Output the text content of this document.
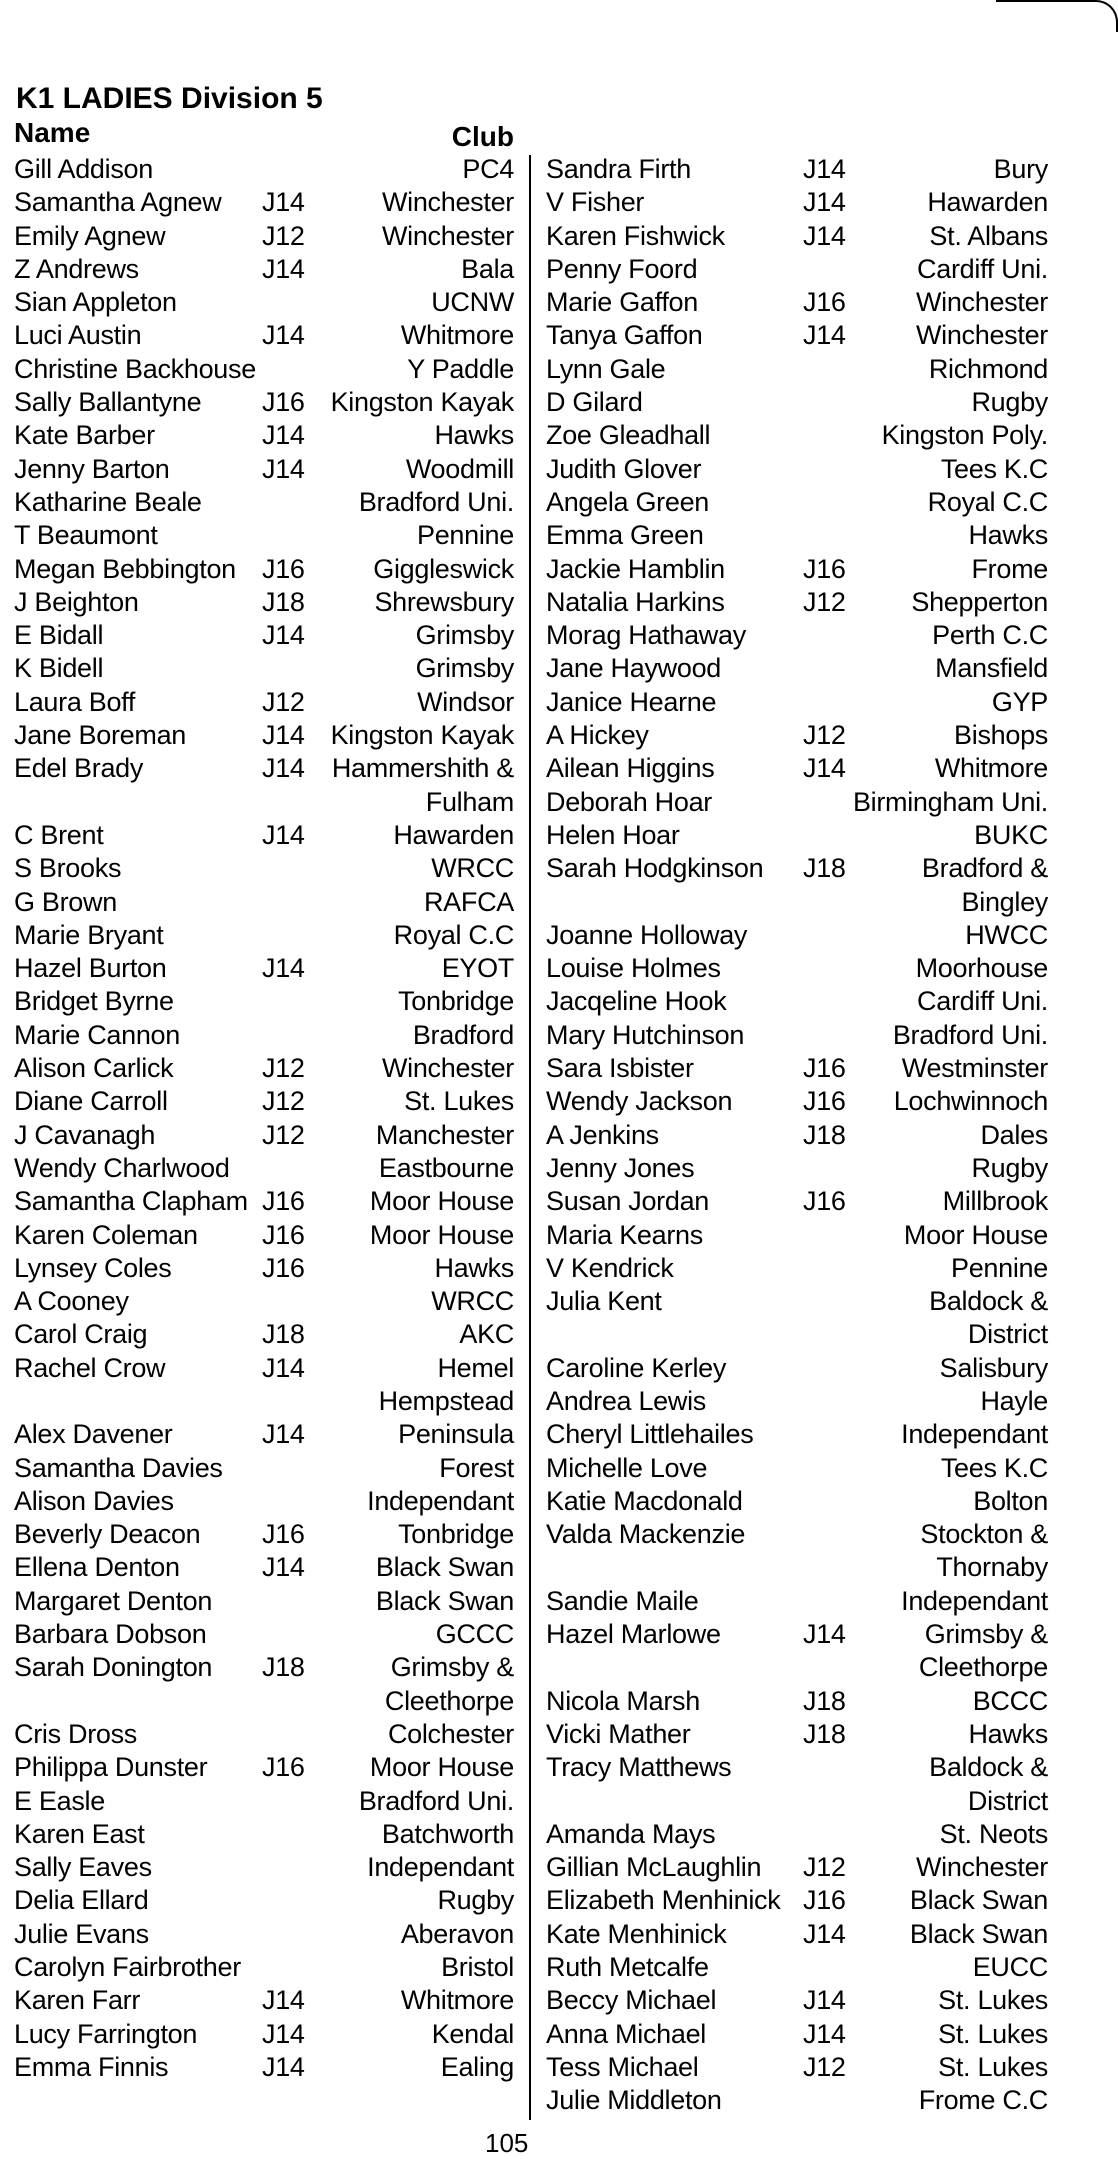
K1 LADIES Division 5
Name	Club
Gill Addison	PC4
Samantha Agnew J14	Winchester
Emily Agnew	J12	Winchester
Z Andrews	J14	Bala
Sian Appleton	UCNW
Luci Austin	J14	Whitmore
Christine Backhouse	Y Paddle
Sally Ballantyne J16 Kingston Kayak
Kate Barber	J14	Hawks
Jenny Barton	J14	Woodmill
Katharine Beale	Bradford Uni.
T Beaumont	Pennine
Megan Bebbington J16	Giggleswick
J Beighton	J18	Shrewsbury
E Bidall	J14	Grimsby
K Bidell	Grimsby
Laura Boff	J12	Windsor
Jane Boreman	J14 Kingston Kayak
Edel Brady	J14 Hammershith &
Fulham
C Brent	J14	Hawarden
S Brooks	WRCC
G Brown	RAFCA
Marie Bryant	Royal C.C
Hazel Burton	J14	EYOT
Bridget Byrne	Tonbridge
Marie Cannon	Bradford
Alison Carlick	J12	Winchester
Diane Carroll	J12	St. Lukes
J Cavanagh	J12	Manchester
Wendy Charlwood	Eastbourne
Samantha Clapham J16 Moor House
Karen Coleman J16 Moor House
Lynsey Coles	J16	Hawks
A Cooney	WRCC
Carol Craig	J18	AKC
Rachel Crow	J14	Hemel
Hempstead
Alex Davener	J14	Peninsula
Samantha Davies	Forest
Alison Davies	Independant
Beverly Deacon J16	Tonbridge
Ellena Denton	J14	Black Swan
Margaret Denton	Black Swan
Barbara Dobson	GCCC
Sarah Donington J18	Grimsby &
Cleethorpe
Cris Dross	Colchester
Philippa Dunster J16 Moor House
E Easle	Bradford Uni.
Karen East	Batchworth
Sally Eaves	Independant
Delia Ellard	Rugby
Julie Evans	Aberavon
Carolyn Fairbrother	Bristol
Karen Farr	J14	Whitmore
Lucy Farrington J14	Kendal
Emma Finnis	J14	Ealing
Sandra Firth	J14	Bury
V Fisher	J14	Hawarden
Karen Fishwick	J14	St. Albans
Penny Foord	Cardiff Uni.
Marie Gaffon	J16	Winchester
Tanya Gaffon	J14	Winchester
Lynn Gale	Richmond
D Gilard	Rugby
Zoe Gleadhall	Kingston Poly.
Judith Glover	Tees K.C
Angela Green	Royal C.C
Emma Green	Hawks
Jackie Hamblin	J16	Frome
Natalia Harkins	J12 Shepperton
Morag Hathaway	Perth C.C
Jane Haywood	Mansfield
Janice Hearne	GYP
A Hickey	J12	Bishops
Ailean Higgins	J14	Whitmore
Deborah Hoar	Birmingham Uni.
Helen Hoar	BUKC
Sarah Hodgkinson J18	Bradford &
Bingley
Joanne Holloway	HWCC
Louise Holmes	Moorhouse
Jacqeline Hook	Cardiff Uni.
Mary Hutchinson	Bradford Uni.
Sara Isbister	J16 Westminster
Wendy Jackson	J16 Lochwinnoch
A Jenkins	J18	Dales
Jenny Jones	Rugby
Susan Jordan	J16	Millbrook
Maria Kearns	Moor House
V Kendrick	Pennine
Julia Kent	Baldock &
District
Caroline Kerley	Salisbury
Andrea Lewis	Hayle
Cheryl Littlehailes	Independant
Michelle Love	Tees K.C
Katie Macdonald	Bolton
Valda Mackenzie	Stockton &
Thornaby
Sandie Maile	Independant
Hazel Marlowe	J14	Grimsby &
Cleethorpe
Nicola Marsh	J18	BCCC
Vicki Mather	J18	Hawks
Tracy Matthews	Baldock &
District
Amanda Mays	St. Neots
Gillian McLaughlin J12	Winchester
Elizabeth Menhinick J16 Black Swan
Kate Menhinick	J14 Black Swan
Ruth Metcalfe	EUCC
Beccy Michael	J14	St. Lukes
Anna Michael	J14	St. Lukes
Tess Michael	J12	St. Lukes
Julie Middleton	Frome C.C
105
